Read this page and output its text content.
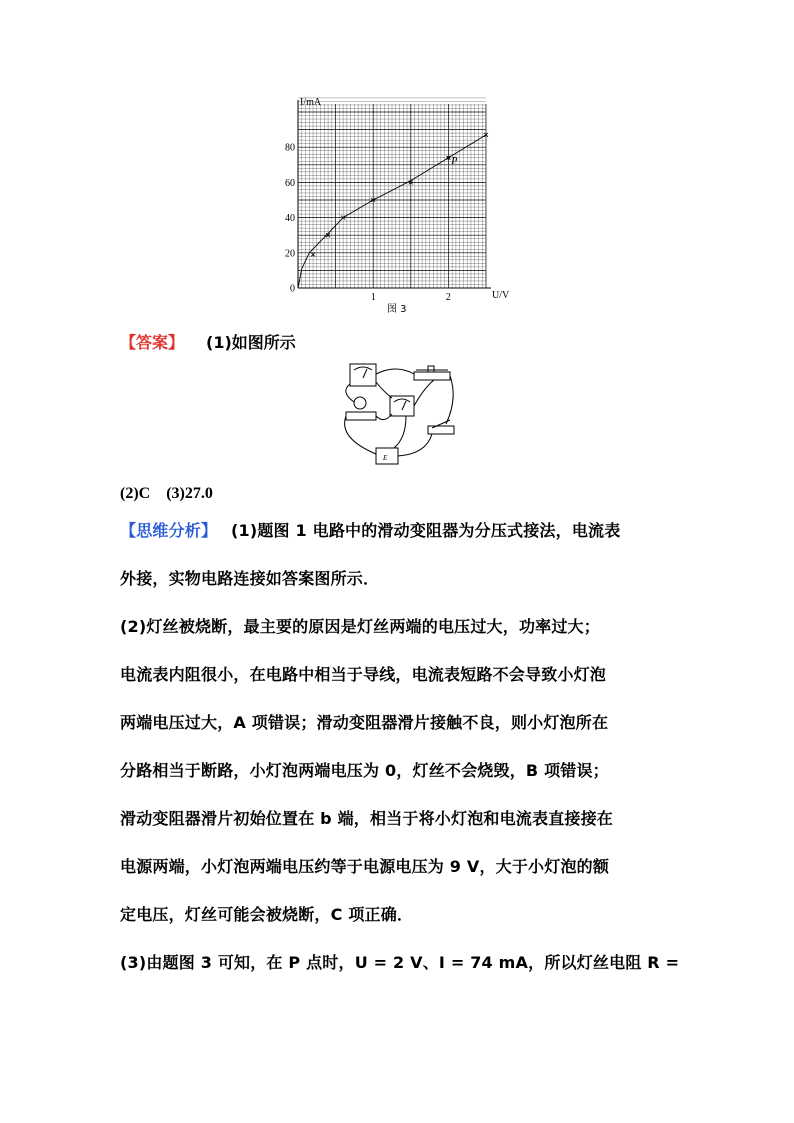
I/mA
U/V
0
20
40
60
80
1	2
P
图 3
【答案】 (1)如图所示
E
(2)C　(3)27.0
【思维分析】 (1)题图 1 电路中的滑动变阻器为分压式接法，电流表
外接，实物电路连接如答案图所示．
(2)灯丝被烧断，最主要的原因是灯丝两端的电压过大，功率过大；
电流表内阻很小，在电路中相当于导线，电流表短路不会导致小灯泡
两端电压过大，A 项错误；滑动变阻器滑片接触不良，则小灯泡所在
分路相当于断路，小灯泡两端电压为 0，灯丝不会烧毁，B 项错误；
滑动变阻器滑片初始位置在 b 端，相当于将小灯泡和电流表直接接在
电源两端，小灯泡两端电压约等于电源电压为 9 V，大于小灯泡的额
定电压，灯丝可能会被烧断，C 项正确．
(3)由题图 3 可知，在 P 点时，U = 2 V、I = 74 mA，所以灯丝电阻 R =
